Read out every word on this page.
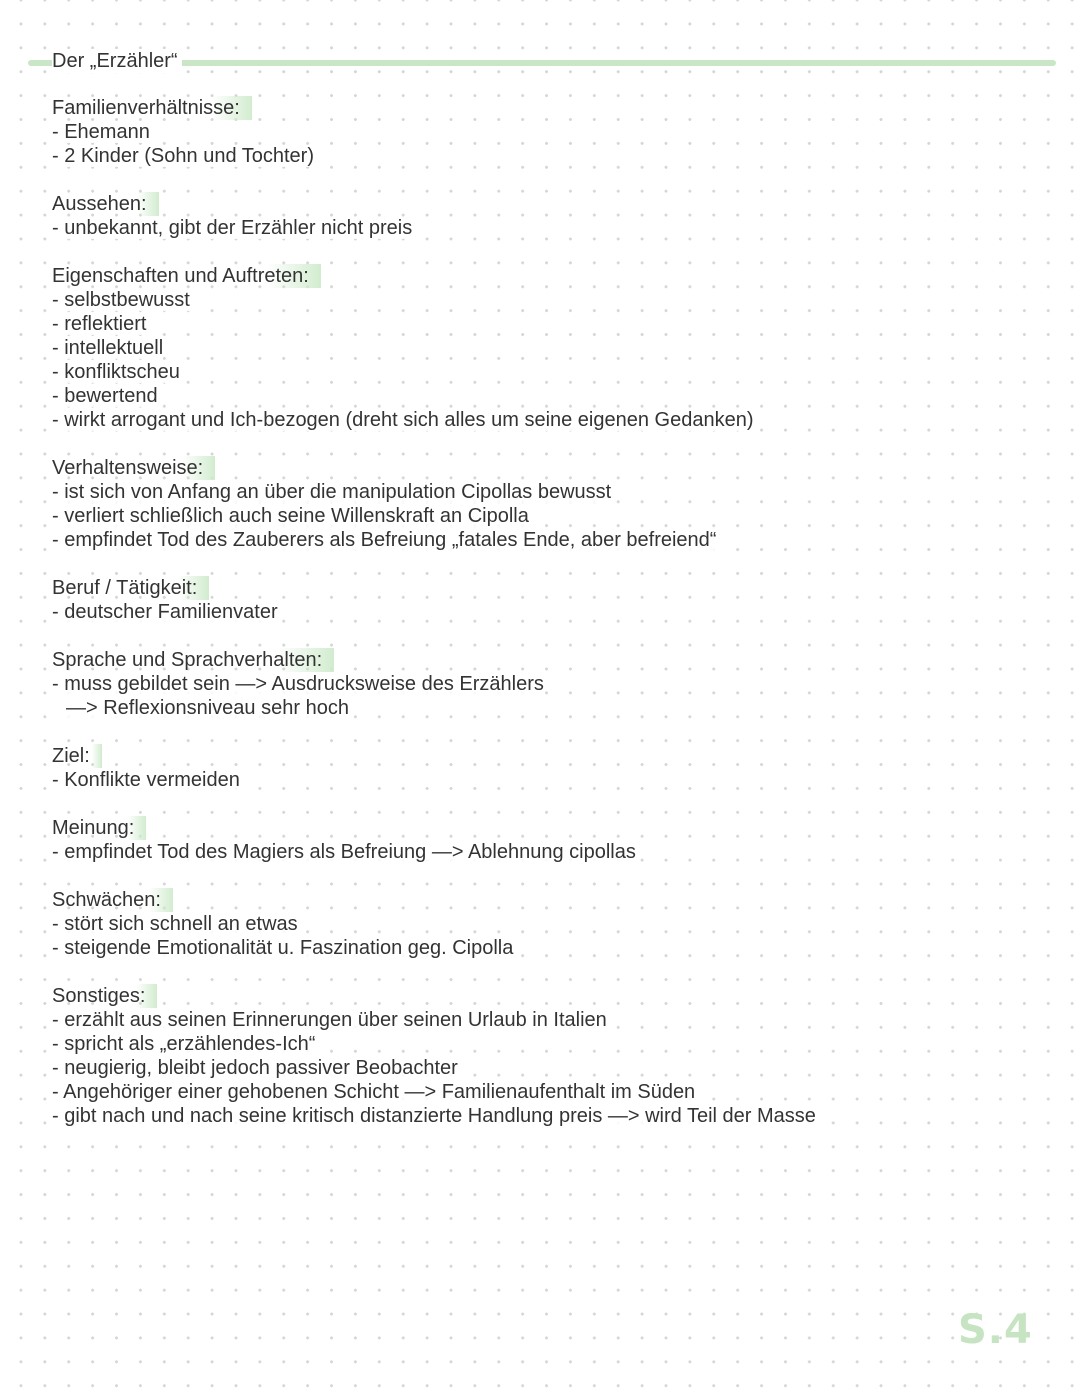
Der „Erzähler“
Familienverhältnisse:
- Ehemann
- 2 Kinder (Sohn und Tochter)
Aussehen:
- unbekannt, gibt der Erzähler nicht preis
Eigenschaften und Auftreten:
- selbstbewusst
- reflektiert
- intellektuell
- konfliktscheu
- bewertend
- wirkt arrogant und Ich-bezogen (dreht sich alles um seine eigenen Gedanken)
Verhaltensweise:
- ist sich von Anfang an über die manipulation Cipollas bewusst
- verliert schließlich auch seine Willenskraft an Cipolla
- empfindet Tod des Zauberers als Befreiung „fatales Ende, aber befreiend“
Beruf / Tätigkeit:
- deutscher Familienvater
Sprache und Sprachverhalten:
- muss gebildet sein —> Ausdrucksweise des Erzählers
—> Reflexionsniveau sehr hoch
Ziel:
- Konflikte vermeiden
Meinung:
- empfindet Tod des Magiers als Befreiung —> Ablehnung cipollas
Schwächen:
- stört sich schnell an etwas
- steigende Emotionalität u. Faszination geg. Cipolla
Sonstiges:
- erzählt aus seinen Erinnerungen über seinen Urlaub in Italien
- spricht als „erzählendes-Ich“
- neugierig, bleibt jedoch passiver Beobachter
- Angehöriger einer gehobenen Schicht —> Familienaufenthalt im Süden
- gibt nach und nach seine kritisch distanzierte Handlung preis —> wird Teil der Masse
S.4
